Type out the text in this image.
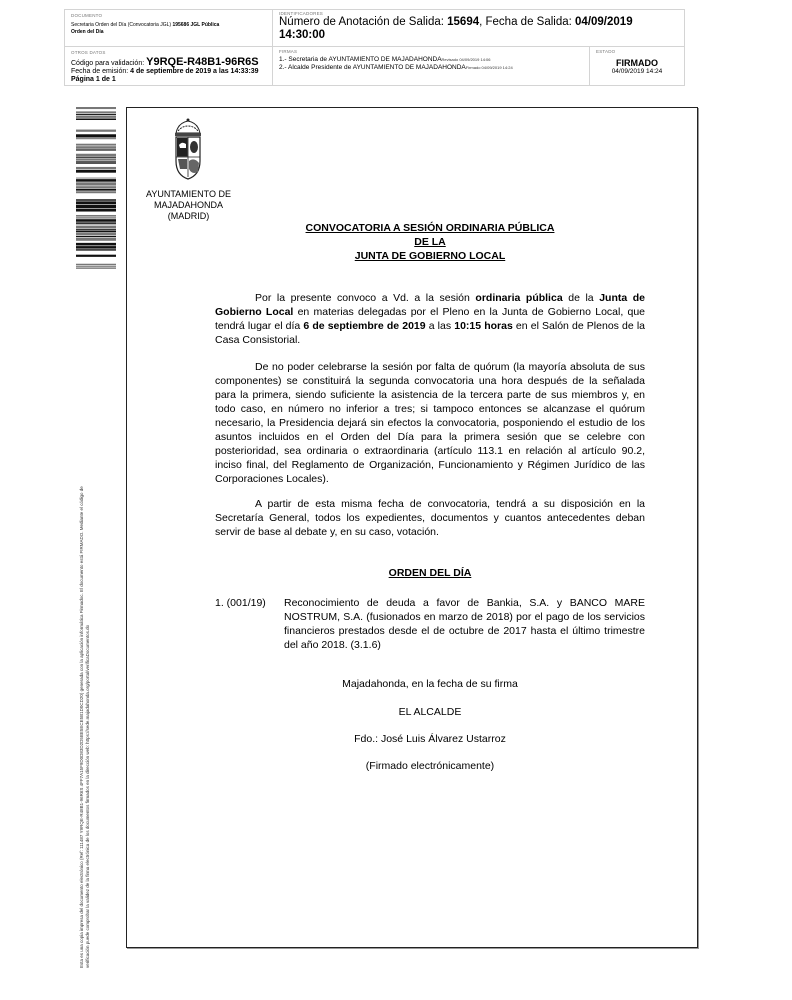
DOCUMENTO
Secretaria Orden del Día (Convocatoria JGL) 195686 JGL Pública
Orden del Día
IDENTIFICADORES
Número de Anotación de Salida: 15694, Fecha de Salida: 04/09/2019
14:30:00
OTROS DATOS
Código para validación: Y9RQE-R48B1-96R6S
Fecha de emisión: 4 de septiembre de 2019 a las 14:33:39
Página 1 de 1
FIRMAS
1.- Secretaria de AYUNTAMIENTO DE MAJADAHONDARevisado 04/09/2019 14:06
2.- Alcalde Presidente de AYUNTAMIENTO DE MAJADAHONDAFirmado 04/09/2019 14:24
ESTADO
FIRMADO
04/09/2019 14:24
Esta es una copia impresa del documento electrónico (Ref: 111487 Y9RQE-R48B1-96R6S 4FF7A15F9D0D83D2D5BE5ECE5B1D0CD20) generada con la aplicación informática Firmadoc. El documento está FIRMADO. Mediante el código de verificación puede comprobar la validez de la firma electrónica de los documentos firmados en la dirección web: https://sede.majadahonda.org/portal/verificaDocumentos.do
AYUNTAMIENTO DE
MAJADAHONDA
(MADRID)
CONVOCATORIA A SESIÓN ORDINARIA PÚBLICA
DE LA
JUNTA DE GOBIERNO LOCAL
Por la presente convoco a Vd. a la sesión ordinaria pública de la Junta de Gobierno Local en materias delegadas por el Pleno en la Junta de Gobierno Local, que tendrá lugar el día 6 de septiembre de 2019 a las 10:15 horas en el Salón de Plenos de la Casa Consistorial.
De no poder celebrarse la sesión por falta de quórum (la mayoría absoluta de sus componentes) se constituirá la segunda convocatoria una hora después de la señalada para la primera, siendo suficiente la asistencia de la tercera parte de sus miembros y, en todo caso, en número no inferior a tres; si tampoco entonces se alcanzase el quórum necesario, la Presidencia dejará sin efectos la convocatoria, posponiendo el estudio de los asuntos incluidos en el Orden del Día para la primera sesión que se celebre con posterioridad, sea ordinaria o extraordinaria (artículo 113.1 en relación al artículo 90.2, inciso final, del Reglamento de Organización, Funcionamiento y Régimen Jurídico de las Corporaciones Locales).
A partir de esta misma fecha de convocatoria, tendrá a su disposición en la Secretaría General, todos los expedientes, documentos y cuantos antecedentes deban servir de base al debate y, en su caso, votación.
ORDEN DEL DÍA
1. (001/19)	Reconocimiento de deuda a favor de Bankia, S.A. y BANCO MARE NOSTRUM, S.A. (fusionados en marzo de 2018) por el pago de los servicios financieros prestados desde el de octubre de 2017 hasta el último trimestre del año 2018. (3.1.6)
Majadahonda, en la fecha de su firma
EL ALCALDE
Fdo.: José Luis Álvarez Ustarroz
(Firmado electrónicamente)
